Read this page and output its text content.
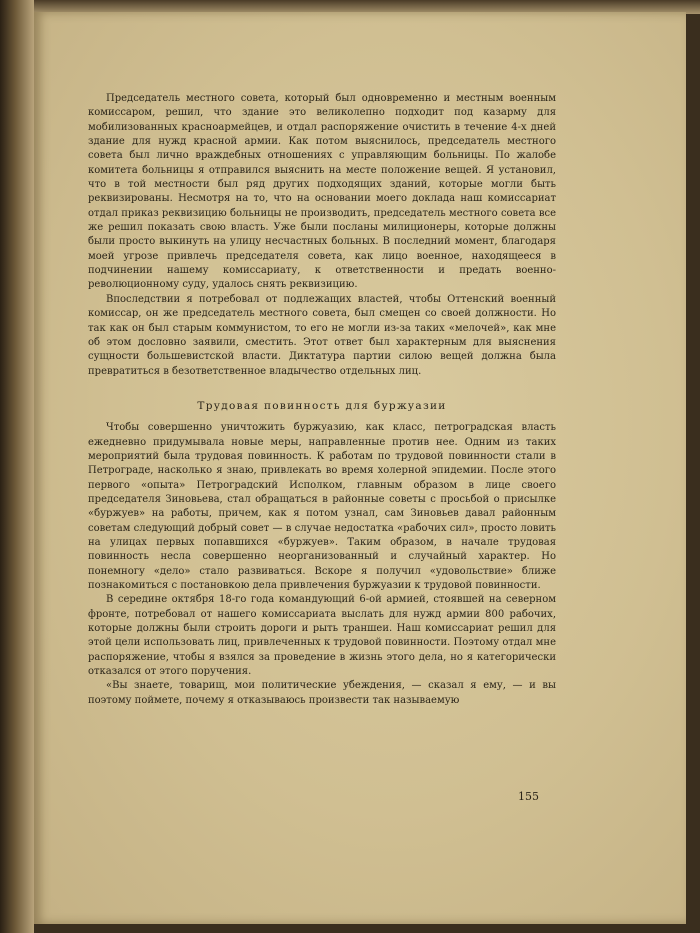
Председатель местного совета, который был одновременно и местным военным комиссаром, решил, что здание это великолепно подходит под казарму для мобилизованных красноармейцев, и отдал распоряжение очистить в течение 4-х дней здание для нужд красной армии. Как потом выяснилось, председатель местного совета был лично враждебных отношениях с управляющим больницы. По жалобе комитета больницы я отправился выяснить на месте положение вещей. Я установил, что в той местности был ряд других подходящих зданий, которые могли быть реквизированы. Несмотря на то, что на основании моего доклада наш комиссариат отдал приказ реквизицию больницы не производить, председатель местного совета все же решил показать свою власть. Уже были посланы милиционеры, которые должны были просто выкинуть на улицу несчастных больных. В последний момент, благодаря моей угрозе привлечь председателя совета, как лицо военное, находящееся в подчинении нашему комиссариату, к ответственности и предать военно-революционному суду, удалось снять реквизицию.

Впоследствии я потребовал от подлежащих властей, чтобы Оттенский военный комиссар, он же председатель местного совета, был смещен со своей должности. Но так как он был старым коммунистом, то его не могли из-за таких «мелочей», как мне об этом дословно заявили, сместить. Этот ответ был характерным для выяснения сущности большевистской власти. Диктатура партии силою вещей должна была превратиться в безответственное владычество отдельных лиц.

Трудовая повинность для буржуазии

Чтобы совершенно уничтожить буржуазию, как класс, петроградская власть ежедневно придумывала новые меры, направленные против нее. Одним из таких мероприятий была трудовая повинность. К работам по трудовой повинности стали в Петрограде, насколько я знаю, привлекать во время холерной эпидемии. После этого первого «опыта» Петроградский Исполком, главным образом в лице своего председателя Зиновьева, стал обращаться в районные советы с просьбой о присылке «буржуев» на работы, причем, как я потом узнал, сам Зиновьев давал районным советам следующий добрый совет — в случае недостатка «рабочих сил», просто ловить на улицах первых попавшихся «буржуев». Таким образом, в начале трудовая повинность несла совершенно неорганизованный и случайный характер. Но понемногу «дело» стало развиваться. Вскоре я получил «удовольствие» ближе познакомиться с постановкою дела привлечения буржуазии к трудовой повинности.

В середине октября 18-го года командующий 6-ой армией, стоявшей на северном фронте, потребовал от нашего комиссариата выслать для нужд армии 800 рабочих, которые должны были строить дороги и рыть траншеи. Наш комиссариат решил для этой цели использовать лиц, привлеченных к трудовой повинности. Поэтому отдал мне распоряжение, чтобы я взялся за проведение в жизнь этого дела, но я категорически отказался от этого поручения.

«Вы знаете, товарищ, мои политические убеждения, — сказал я ему, — и вы поэтому поймете, почему я отказываюсь произвести так называемую

155
